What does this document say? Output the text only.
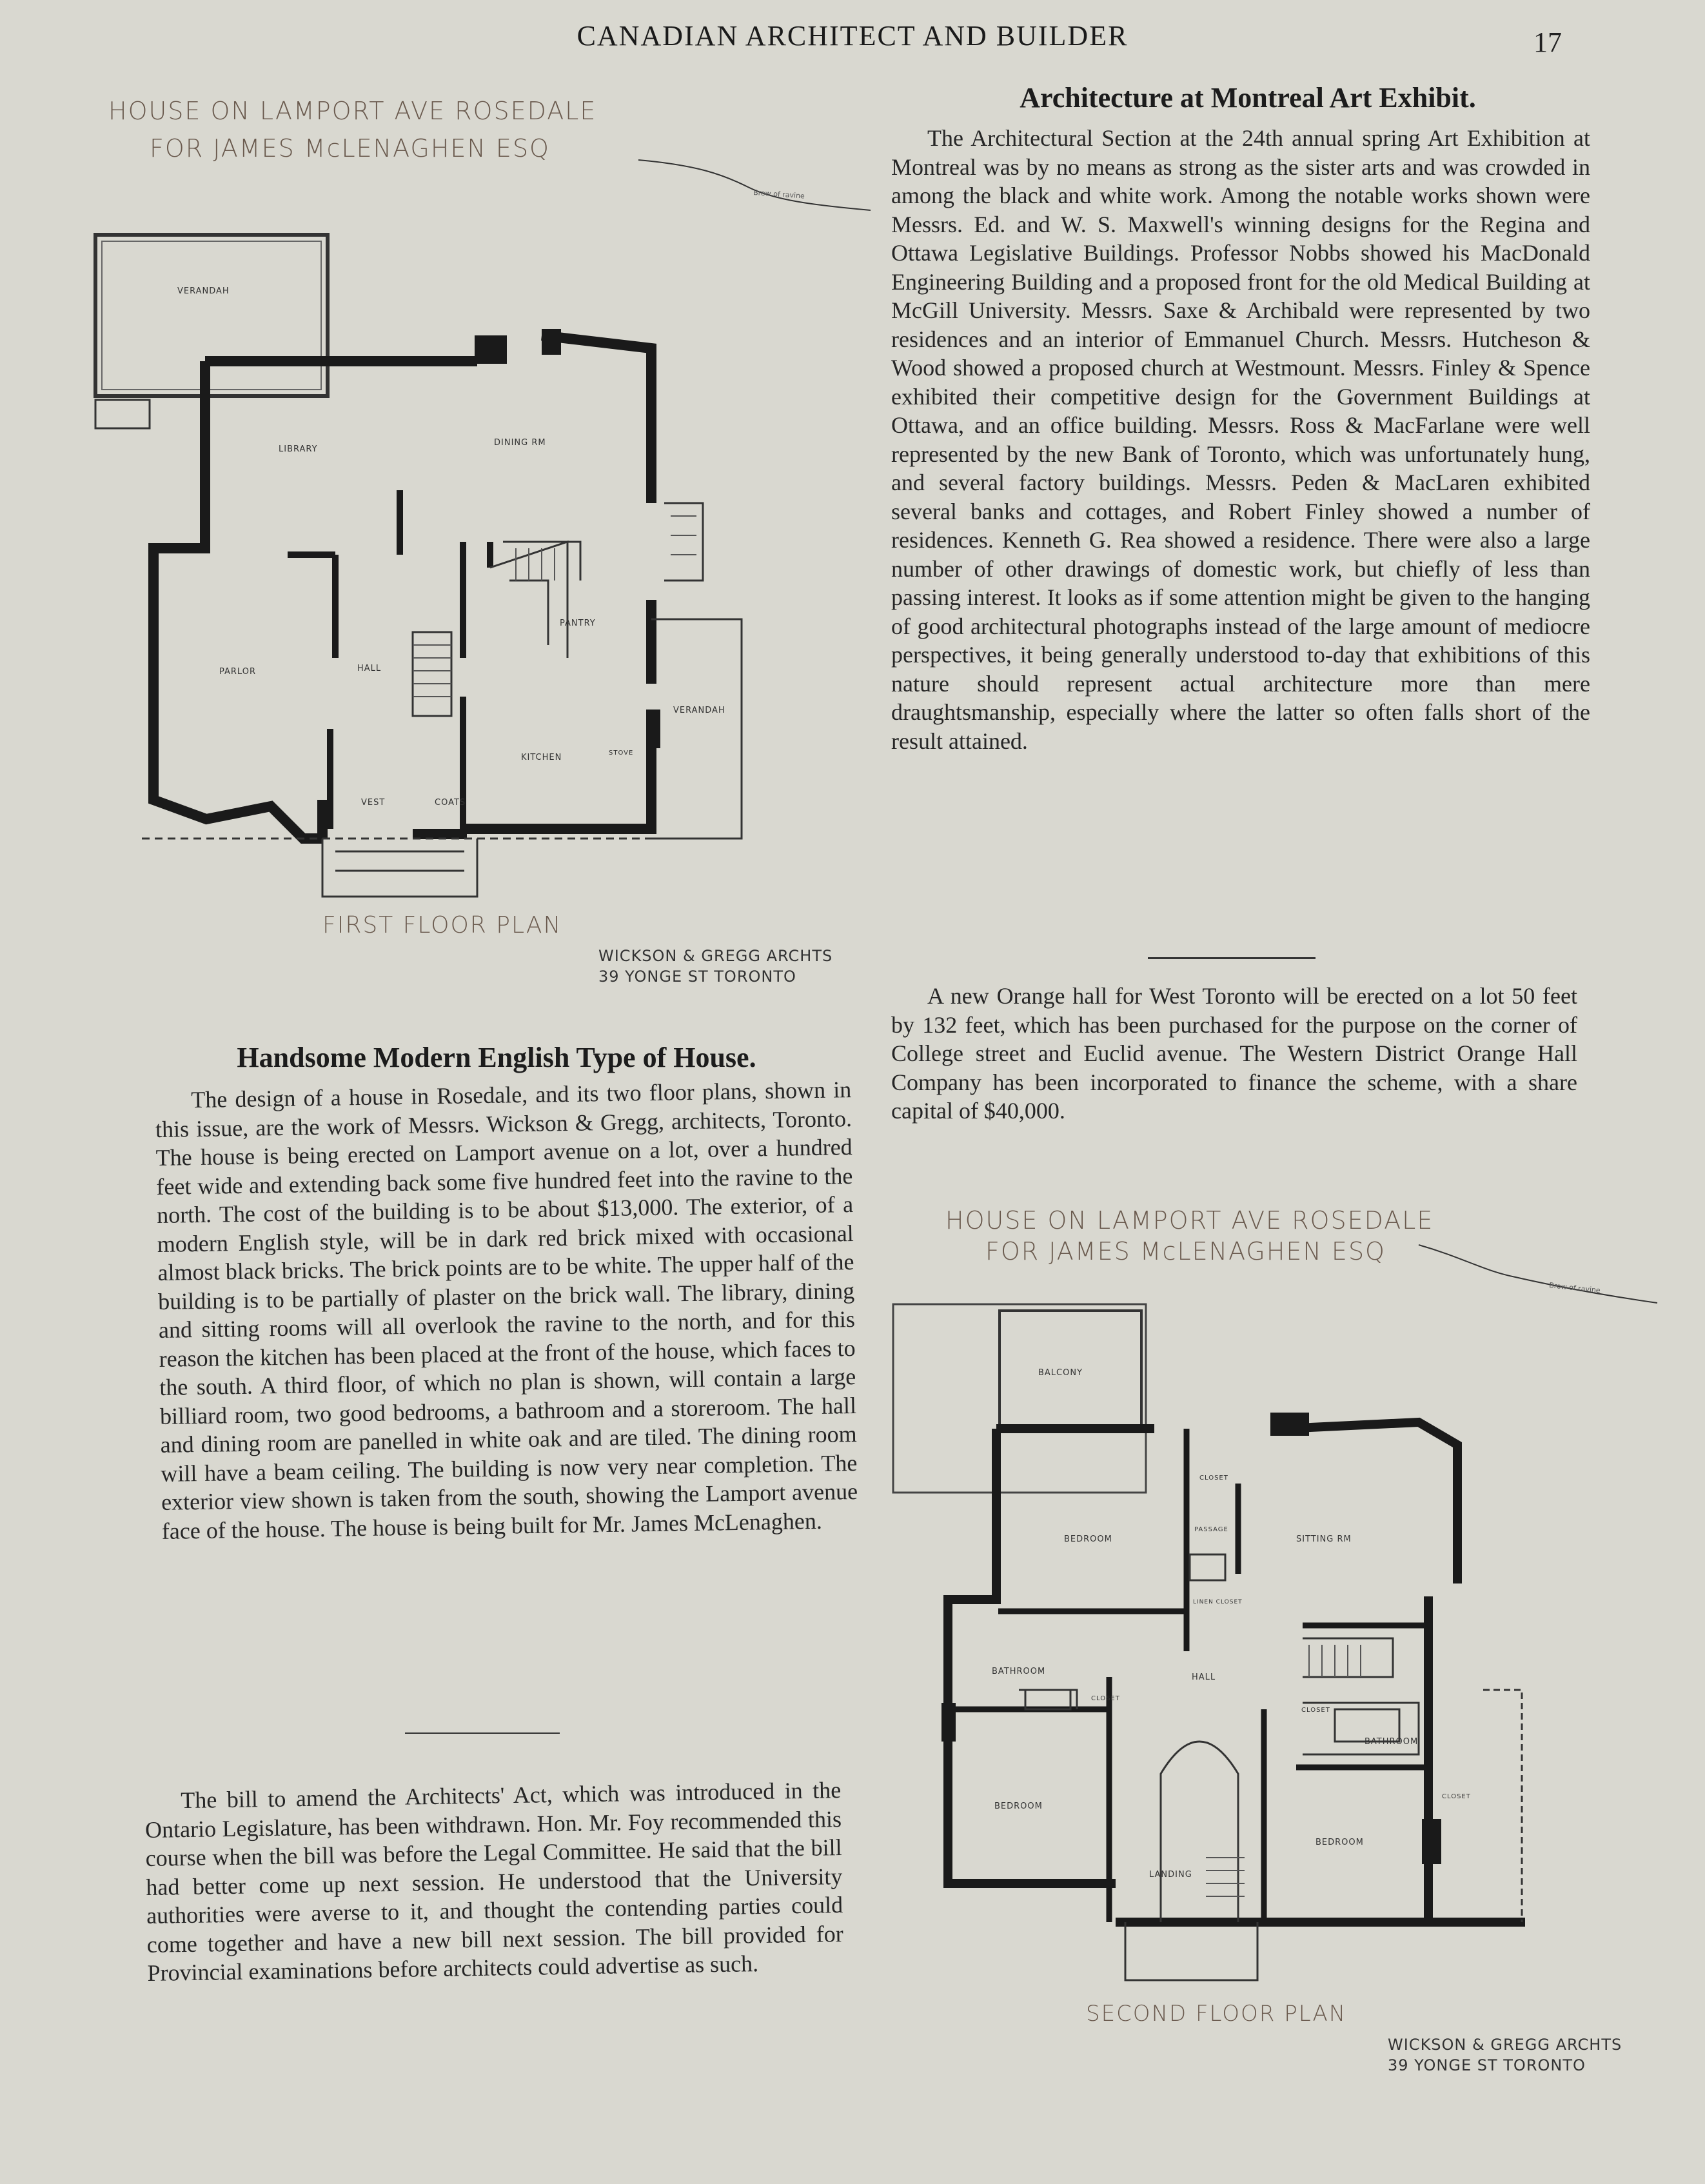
CANADIAN ARCHITECT AND BUILDER	17
HOUSE ON LAMPORT AVE ROSEDALE
FOR JAMES McLENAGHEN ESQ
VERANDAH
LIBRARY
DINING RM
PARLOR	HALL
PANTRY
VERANDAH
KITCHEN
VEST	COATS
STOVE
Brow of ravine
FIRST FLOOR PLAN
WICKSON & GREGG ARCHTS
39 YONGE ST TORONTO
Architecture at Montreal Art Exhibit.

The Architectural Section at the 24th annual spring Art Exhibition at Montreal was by no means as strong as the sister arts and was crowded in among the black and white work. Among the notable works shown were Messrs. Ed. and W. S. Maxwell's winning designs for the Regina and Ottawa Legislative Buildings. Professor Nobbs showed his MacDonald Engineering Building and a proposed front for the old Medical Building at McGill University. Messrs. Saxe & Archibald were represented by two residences and an interior of Emmanuel Church. Messrs. Hutcheson & Wood showed a proposed church at Westmount. Messrs. Finley & Spence exhibited their competitive design for the Government Buildings at Ottawa, and an office building. Messrs. Ross & MacFarlane were well represented by the new Bank of Toronto, which was unfortunately hung, and several factory buildings. Messrs. Peden & MacLaren exhibited several banks and cottages, and Robert Finley showed a number of residences. Kenneth G. Rea showed a residence. There were also a large number of other drawings of domestic work, but chiefly of less than passing interest. It looks as if some attention might be given to the hanging of good architectural photographs instead of the large amount of mediocre perspectives, it being generally understood to-day that exhibitions of this nature should represent actual architecture more than mere draughtsmanship, especially where the latter so often falls short of the result attained.

A new Orange hall for West Toronto will be erected on a lot 50 feet by 132 feet, which has been purchased for the purpose on the corner of College street and Euclid avenue. The Western District Orange Hall Company has been incorporated to finance the scheme, with a share capital of $40,000.

Handsome Modern English Type of House.

The design of a house in Rosedale, and its two floor plans, shown in this issue, are the work of Messrs. Wickson & Gregg, architects, Toronto. The house is being erected on Lamport avenue on a lot, over a hundred feet wide and extending back some five hundred feet into the ravine to the north. The cost of the building is to be about $13,000. The exterior, of a modern English style, will be in dark red brick mixed with occasional almost black bricks. The brick points are to be white. The upper half of the building is to be partially of plaster on the brick wall. The library, dining and sitting rooms will all overlook the ravine to the north, and for this reason the kitchen has been placed at the front of the house, which faces to the south. A third floor, of which no plan is shown, will contain a large billiard room, two good bedrooms, a bathroom and a storeroom. The hall and dining room are panelled in white oak and are tiled. The dining room will have a beam ceiling. The building is now very near completion. The exterior view shown is taken from the south, showing the Lamport avenue face of the house. The house is being built for Mr. James McLenaghen.

The bill to amend the Architects' Act, which was introduced in the Ontario Legislature, has been withdrawn. Hon. Mr. Foy recommended this course when the bill was before the Legal Committee. He said that the bill had better come up next session. He understood that the University authorities were averse to it, and thought the contending parties could come together and have a new bill next session. The bill provided for Provincial examinations before architects could advertise as such.

HOUSE ON LAMPORT AVE ROSEDALE
FOR JAMES McLENAGHEN ESQ
BALCONY
BEDROOM	SITTING RM
CLOSET
PASSAGE
LINEN CLOSET
BATHROOM
HALL
CLOSET
CLOSET
BATHROOM
BEDROOM
LANDING
BEDROOM
CLOSET
Brow of ravine
SECOND FLOOR PLAN
WICKSON & GREGG ARCHTS
39 YONGE ST TORONTO
